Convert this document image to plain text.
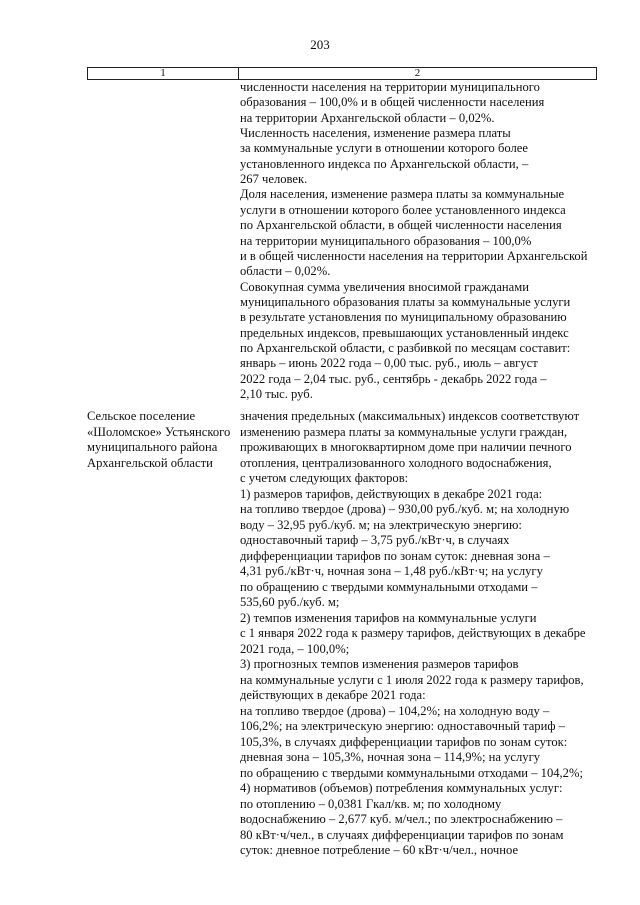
203
1	2
численности населения на территории муниципального
образования – 100,0% и в общей численности населения
на территории Архангельской области – 0,02%.
Численность населения, изменение размера платы
за коммунальные услуги в отношении которого более
установленного индекса по Архангельской области, –
267 человек.
Доля населения, изменение размера платы за коммунальные
услуги в отношении которого более установленного индекса
по Архангельской области, в общей численности населения
на территории муниципального образования – 100,0%
и в общей численности населения на территории Архангельской
области – 0,02%.
Совокупная сумма увеличения вносимой гражданами
муниципального образования платы за коммунальные услуги
в результате установления по муниципальному образованию
предельных индексов, превышающих установленный индекс
по Архангельской области, с разбивкой по месяцам составит:
январь – июнь 2022 года – 0,00 тыс. руб., июль – август
2022 года – 2,04 тыс. руб., сентябрь - декабрь 2022 года –
2,10 тыс. руб.
Сельское поселение
«Шоломское» Устьянского
муниципального района
Архангельской области
значения предельных (максимальных) индексов соответствуют
изменению размера платы за коммунальные услуги граждан,
проживающих в многоквартирном доме при наличии печного
отопления, централизованного холодного водоснабжения,
с учетом следующих факторов:
1) размеров тарифов, действующих в декабре 2021 года:
на топливо твердое (дрова) – 930,00 руб./куб. м; на холодную
воду – 32,95 руб./куб. м; на электрическую энергию:
одноставочный тариф – 3,75 руб./кВт·ч, в случаях
дифференциации тарифов по зонам суток: дневная зона –
4,31 руб./кВт·ч, ночная зона – 1,48 руб./кВт·ч; на услугу
по обращению с твердыми коммунальными отходами –
535,60 руб./куб. м;
2) темпов изменения тарифов на коммунальные услуги
с 1 января 2022 года к размеру тарифов, действующих в декабре
2021 года, – 100,0%;
3) прогнозных темпов изменения размеров тарифов
на коммунальные услуги с 1 июля 2022 года к размеру тарифов,
действующих в декабре 2021 года:
на топливо твердое (дрова) – 104,2%; на холодную воду –
106,2%; на электрическую энергию: одноставочный тариф –
105,3%, в случаях дифференциации тарифов по зонам суток:
дневная зона – 105,3%, ночная зона – 114,9%; на услугу
по обращению с твердыми коммунальными отходами – 104,2%;
4) нормативов (объемов) потребления коммунальных услуг:
по отоплению – 0,0381 Гкал/кв. м; по холодному
водоснабжению – 2,677 куб. м/чел.; по электроснабжению –
80 кВт·ч/чел., в случаях дифференциации тарифов по зонам
суток: дневное потребление – 60 кВт·ч/чел., ночное
